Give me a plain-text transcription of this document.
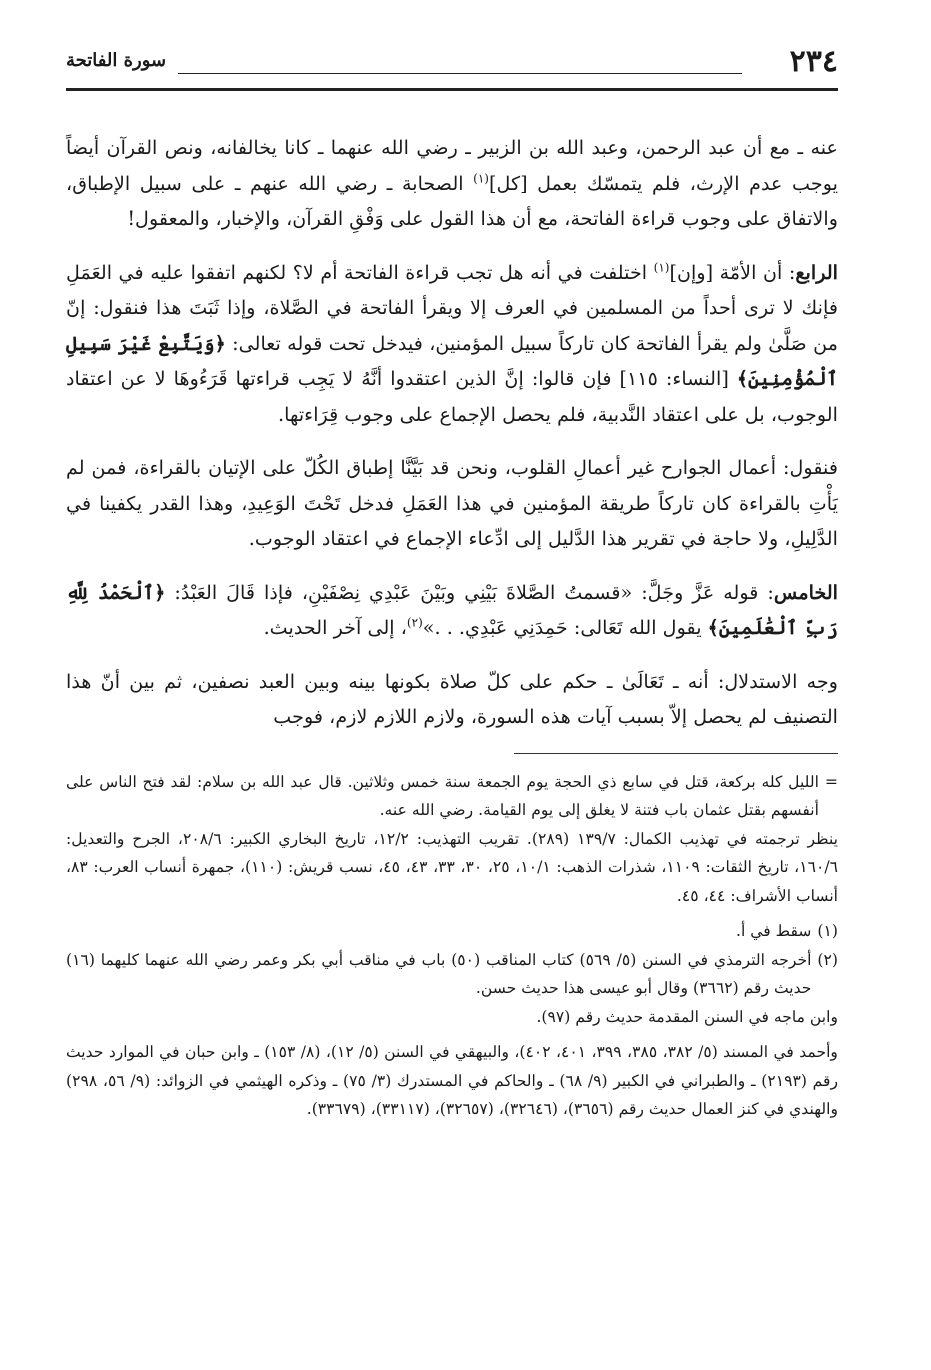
٢٣٤
سورة الفاتحة

عنه ـ مع أن عبد الرحمن، وعبد الله بن الزبير ـ رضي الله عنهما ـ كانا يخالفانه، ونص القرآن أيضاً يوجب عدم الإرث، فلم يتمسّك بعمل [كل]$^{(١)}$ الصحابة ـ رضي الله عنهم ـ على سبيل الإطباق، والاتفاق على وجوب قراءة الفاتحة، مع أن هذا القول على وَفْقِ القرآن، والإخبار، والمعقول!

الرابع: أن الأمّة [وإن]$^{(١)}$ اختلفت في أنه هل تجب قراءة الفاتحة أم لا؟ لكنهم اتفقوا عليه في العَمَلِ فإنك لا ترى أحداً من المسلمين في العرف إلا ويقرأ الفاتحة في الصَّلاة، وإذا ثَبَتَ هذا فنقول: إنّ من صَلَّىٰ ولم يقرأ الفاتحة كان تاركاً سبيل المؤمنين، فيدخل تحت قوله تعالى: ﴿وَيَتَّبِعْ غَيْرَ سَبِيلِ ٱلْمُؤْمِنِينَ﴾ [النساء: ١١٥] فإن قالوا: إنَّ الذين اعتقدوا أنَّهُ لا يَجِب قراءتها قَرَءُوهَا لا عن اعتقاد الوجوب، بل على اعتقاد النَّدبية، فلم يحصل الإجماع على وجوب قِرَاءتها.

فنقول: أعمال الجوارح غير أعمالِ القلوب، ونحن قد بَيَّنَّا إطباق الكُلّ على الإتيان بالقراءة، فمن لم يَأْتِ بالقراءة كان تاركاً طريقة المؤمنين في هذا العَمَلِ فدخل تَحْتَ الوَعِيدِ، وهذا القدر يكفينا في الدَّلِيلِ، ولا حاجة في تقرير هذا الدَّليل إلى ادِّعاء الإجماع في اعتقاد الوجوب.

الخامس: قوله عَزَّ وجَلَّ: «قسمتُ الصَّلاةَ بَيْنِي وبَيْنَ عَبْدِي نِصْفَيْنِ، فإذا قَالَ العَبْدُ: ﴿ٱلْحَمْدُ لِلَّهِ رَبِّ ٱلْعَٰلَمِينَ﴾ يقول الله تَعَالى: حَمِدَنِي عَبْدِي. . .»$^{(٢)}$، إلى آخر الحديث.

وجه الاستدلال: أنه ـ تَعَالَىٰ ـ حكم على كلّ صلاة بكونها بينه وبين العبد نصفين، ثم بين أنّ هذا التصنيف لم يحصل إلاّ بسبب آيات هذه السورة، ولازم اللازم لازم، فوجب

=
الليل كله بركعة، قتل في سابع ذي الحجة يوم الجمعة سنة خمس وثلاثين. قال عبد الله بن سلام: لقد فتح الناس على أنفسهم بقتل عثمان باب فتنة لا يغلق إلى يوم القيامة. رضي الله عنه.

ينظر ترجمته في تهذيب الكمال: ١٣٩/٧ (٢٨٩). تقريب التهذيب: ١٢/٢، تاريخ البخاري الكبير: ٢٠٨/٦، الجرح والتعديل: ١٦٠/٦، تاريخ الثقات: ١١٠٩، شذرات الذهب: ١٠/١، ٢٥، ٣٠، ٣٣، ٤٣، ٤٥، نسب قريش: (١١٠)، جمهرة أنساب العرب: ٨٣، أنساب الأشراف: ٤٤، ٤٥.

(١)
سقط في أ.
(٢)
أخرجه الترمذي في السنن (٥/ ٥٦٩) كتاب المناقب (٥٠) باب في مناقب أبي بكر وعمر رضي الله عنهما كليهما (١٦) حديث رقم (٣٦٦٢) وقال أبو عيسى هذا حديث حسن.

وابن ماجه في السنن المقدمة حديث رقم (٩٧).

وأحمد في المسند (٥/ ٣٨٢، ٣٨٥، ٣٩٩، ٤٠١، ٤٠٢)، والبيهقي في السنن (٥/ ١٢)، (٨/ ١٥٣) ـ وابن حبان في الموارد حديث رقم (٢١٩٣) ـ والطبراني في الكبير (٩/ ٦٨) ـ والحاكم في المستدرك (٣/ ٧٥) ـ وذكره الهيثمي في الزوائد: (٩/ ٥٦، ٢٩٨) والهندي في كنز العمال حديث رقم (٣٦٥٦)، (٣٢٦٤٦)، (٣٢٦٥٧)، (٣٣١١٧)، (٣٣٦٧٩).
